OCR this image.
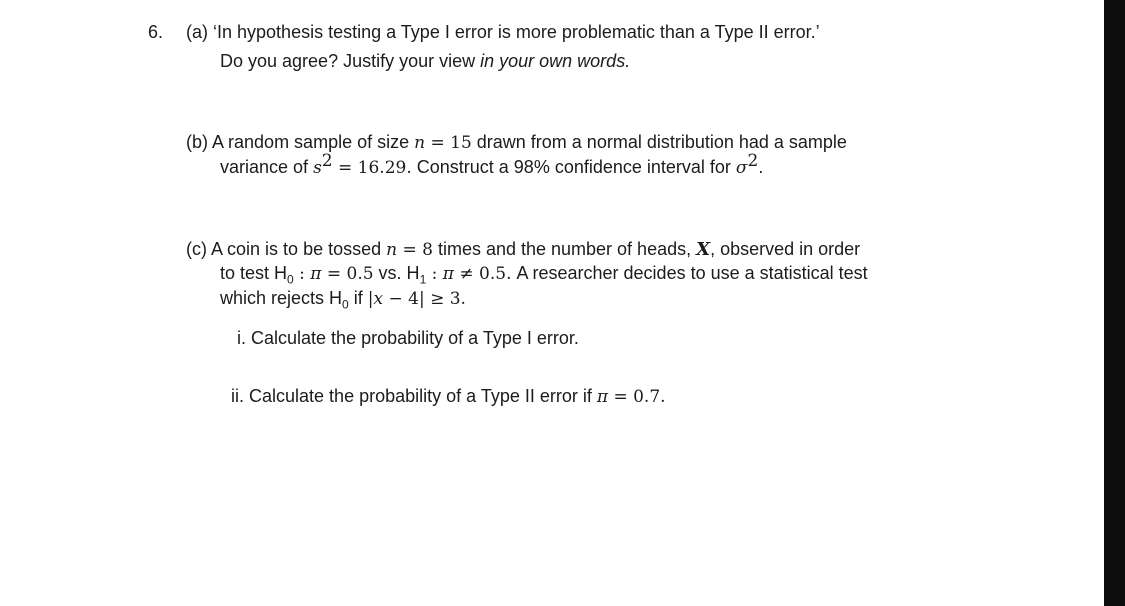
6. (a) ‘In hypothesis testing a Type I error is more problematic than a Type II error.’
Do you agree? Justify your view in your own words.
(b) A random sample of size n = 15 drawn from a normal distribution had a sample
variance of $s^2 = 16.29$. Construct a 98% confidence interval for $\sigma^2$.
(c) A coin is to be tossed n = 8 times and the number of heads, X, observed in order
to test $H_0$ : π = 0.5 vs. $H_1$ : π ≠ 0.5. A researcher decides to use a statistical test
which rejects $H_0$ if |x − 4| ≥ 3.
i. Calculate the probability of a Type I error.
ii. Calculate the probability of a Type II error if π = 0.7.
